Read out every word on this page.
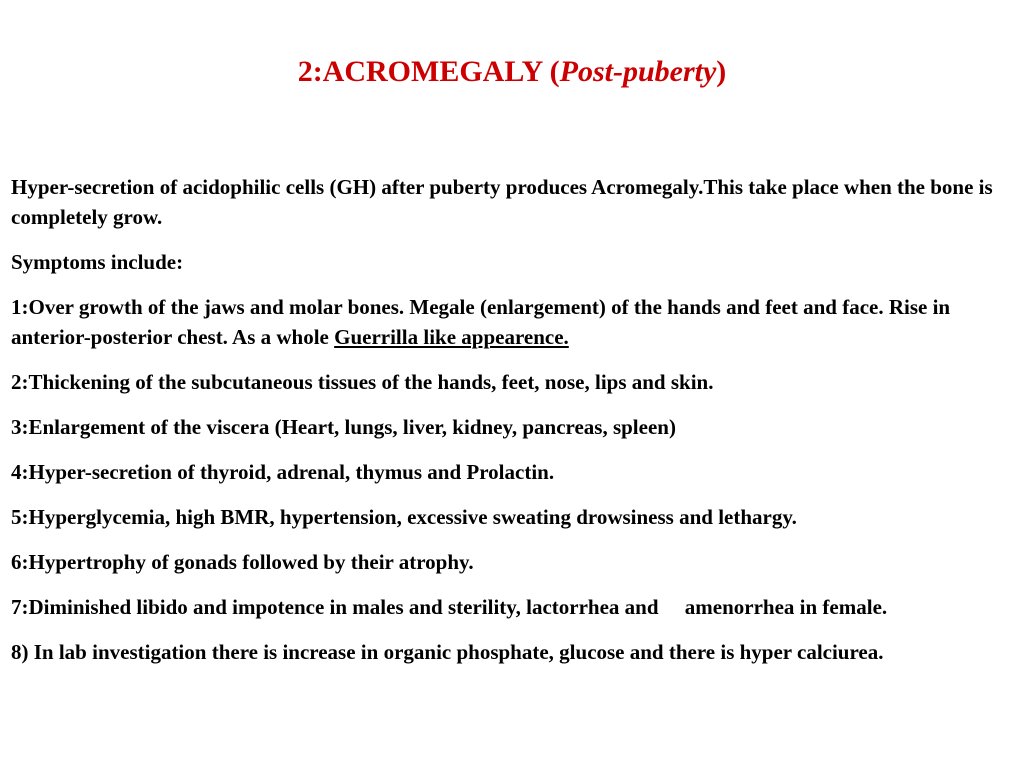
2:ACROMEGALY (Post-puberty)

Hyper-secretion of acidophilic cells (GH) after puberty produces Acromegaly.This take place when the bone is completely grow.

Symptoms include:

1:Over growth of the jaws and molar bones. Megale (enlargement) of the hands and feet and face. Rise in anterior-posterior chest. As a whole Guerrilla like appearence.

2:Thickening of the subcutaneous tissues of the hands, feet, nose, lips and skin.

3:Enlargement of the viscera (Heart, lungs, liver, kidney, pancreas, spleen)

4:Hyper-secretion of thyroid, adrenal, thymus and Prolactin.

5:Hyperglycemia, high BMR, hypertension, excessive sweating drowsiness and lethargy.

6:Hypertrophy of gonads followed by their atrophy.

7:Diminished libido and impotence in males and sterility, lactorrhea and     amenorrhea in female.

8) In lab investigation there is increase in organic phosphate, glucose and there is hyper calciurea.
